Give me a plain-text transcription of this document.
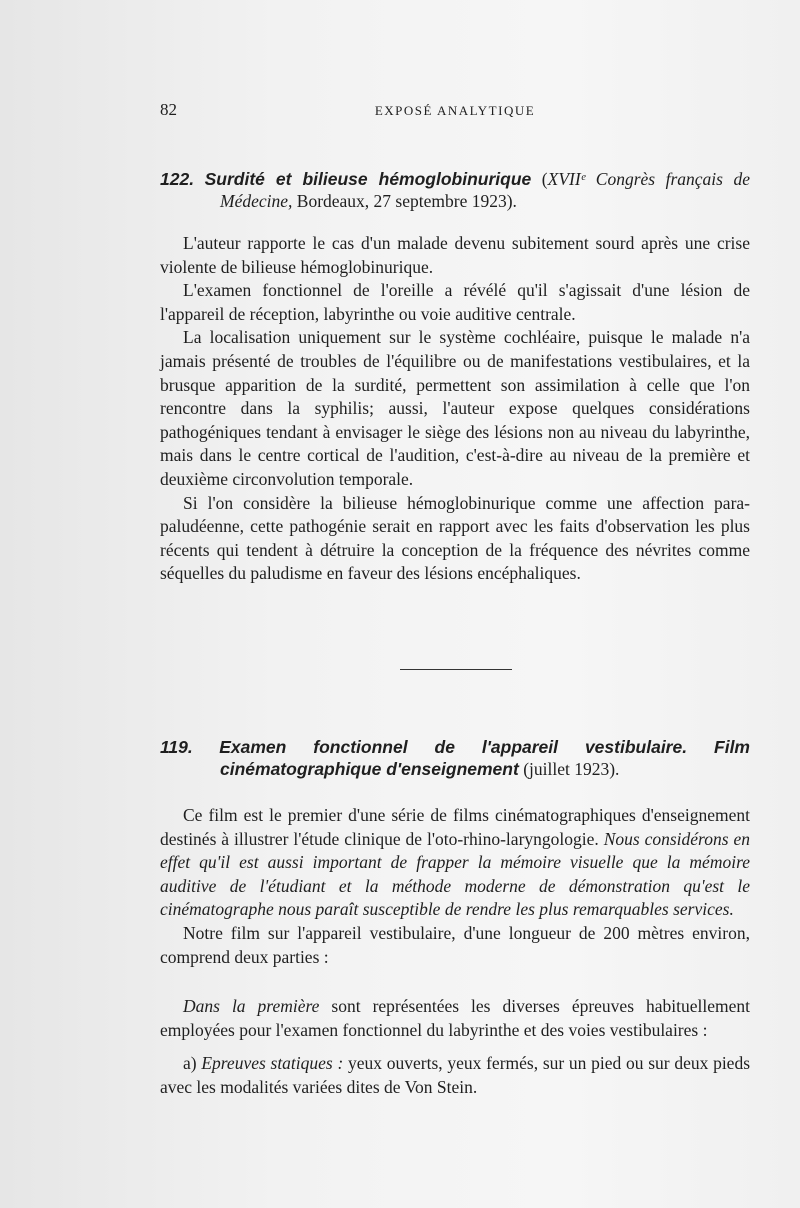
82	EXPOSÉ ANALYTIQUE

122. Surdité et bilieuse hémoglobinurique (XVIIᵉ Congrès français de Médecine, Bordeaux, 27 septembre 1923).

L'auteur rapporte le cas d'un malade devenu subitement sourd après une crise violente de bilieuse hémoglobinurique.

L'examen fonctionnel de l'oreille a révélé qu'il s'agissait d'une lésion de l'appareil de réception, labyrinthe ou voie auditive centrale.

La localisation uniquement sur le système cochléaire, puisque le malade n'a jamais présenté de troubles de l'équilibre ou de manifestations vestibulaires, et la brusque apparition de la surdité, permettent son assimilation à celle que l'on rencontre dans la syphilis; aussi, l'auteur expose quelques considérations pathogéniques tendant à envisager le siège des lésions non au niveau du labyrinthe, mais dans le centre cortical de l'audition, c'est-à-dire au niveau de la première et deuxième circonvolution temporale.

Si l'on considère la bilieuse hémoglobinurique comme une affection para-paludéenne, cette pathogénie serait en rapport avec les faits d'observation les plus récents qui tendent à détruire la conception de la fréquence des névrites comme séquelles du paludisme en faveur des lésions encéphaliques.

119. Examen fonctionnel de l'appareil vestibulaire. Film cinématographique d'enseignement (juillet 1923).

Ce film est le premier d'une série de films cinématographiques d'enseignement destinés à illustrer l'étude clinique de l'oto-rhino-laryngologie. Nous considérons en effet qu'il est aussi important de frapper la mémoire visuelle que la mémoire auditive de l'étudiant et la méthode moderne de démonstration qu'est le cinématographe nous paraît susceptible de rendre les plus remarquables services.

Notre film sur l'appareil vestibulaire, d'une longueur de 200 mètres environ, comprend deux parties :

Dans la première sont représentées les diverses épreuves habituellement employées pour l'examen fonctionnel du labyrinthe et des voies vestibulaires :

a) Epreuves statiques : yeux ouverts, yeux fermés, sur un pied ou sur deux pieds avec les modalités variées dites de Von Stein.
